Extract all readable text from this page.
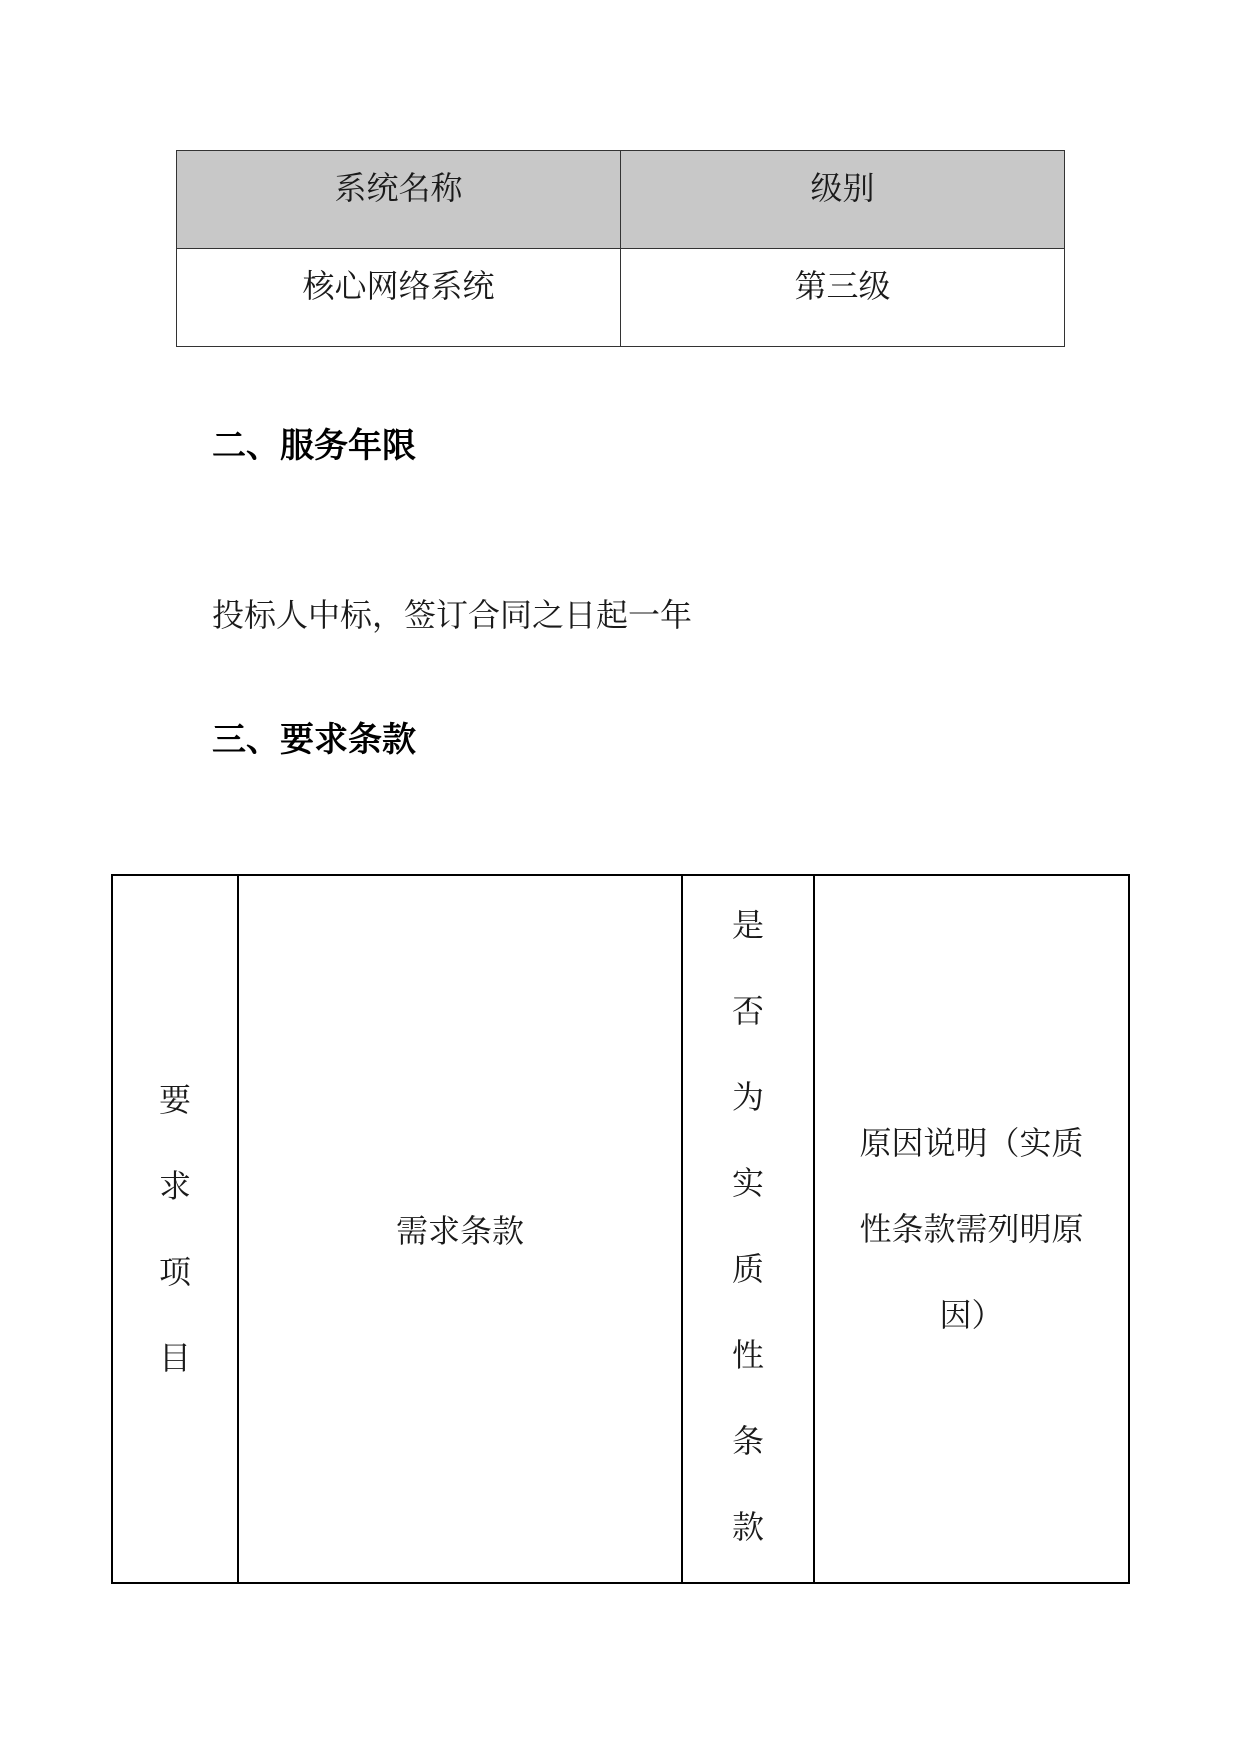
系统名称	级别
核心网络系统	第三级
二、服务年限

投标人中标，签订合同之日起一年

三、要求条款
要求项目	需求条款	是否为实质性条款	原因说明（实质性条款需列明原因）
